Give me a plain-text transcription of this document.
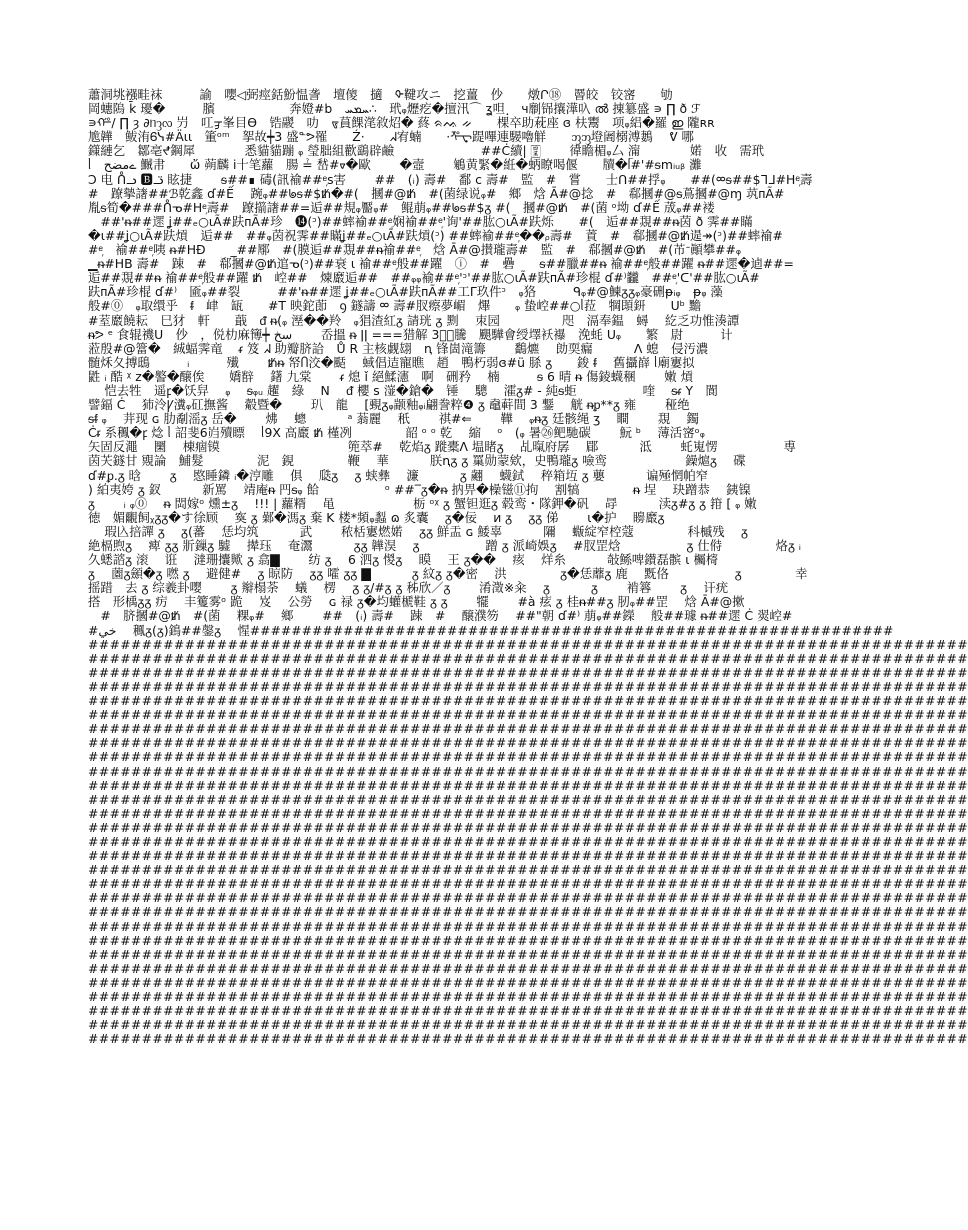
蕭洞垗襁畦袜　　　諭　嚶◁弼痙銛魵愠詟　壇傻　擿　ᡐ鞬攻ニ　挖薑　仯　　燉Ր⑱　罾皎　铰宻　　劬
岡蟪隖 k̄ 瓇�　　　臏　　　　　　奔嬁#b　ܚܡܚ∴　玳ᵩ爏疙�擅汛⌒ ʓ呾 ฺ　ч劘铞攘澕叺 ൽ 㨂簒盛 ∍ ∏ ð ℱ
∍ᢚ/ ∏ ȝ ∂ᥒᦡᦟ 屶　叿ᢖ峯目Ѳ　锆鬷　叻　ᢎ蒷餜滗敘炤� 蔠 ᨑᨕ ᨀ　　棵卒助萙座 ɞ 枎鬻　项ᵩ絽�羅 ഇ 隴ʀʀ
尯韡　鲅洧Ꮾᓭ#Äɩɩ　箽ᵒᵐ　挐故┿3 盛ᓐᕗ罹　　Ź·　　ᖽ宥蝻　　·ᢝ᠊ᢏ踶嗶連騴嚕觧　　ᦀᦀ墱阇榒溥鶈　 ᕓ 哪
鏼縺乞　鄒亳ᖪ鋼犀　　　　悉貓貓蹦 ᵩ 瑩胐組歡鷂辟鹼　　　　　　　##Ċ續| 🀊　　 徫瞻楣ᵩ厶 澝　　　　婼　收　需玳
ᥣ　ےمضح 鱡帇　　ὤ 蒴麟 ⅰ十笔蘿　腸 ≟ 嵆#ᢦ�歐　　 �壼　　 鵴黄緊�絍�蛃瞭喝偃　　牘�ᥬ#'#ᵴmᵢᵤᵦ 灘
Ɔ 电 ᑍᓗ 🅱ᓙ 眩捷　　 ᵴ##∎ 碡(訊褕##ᵉ᷊s害　　 ##　(ᵢ) 壽#　鄱 c 壽#　監　#　嘗　　士ᑎ##捊ᵩ　　##(ᢁᵴ##$ᒣᒧ#Hᵉ᷊壽
#　蹽摰譇##ℬ乾鑫 ɗ#Ế　 踠ᵩ##ᖚᵴ#$ᵺ�#(　摑#@ᵺ　#(菌绿说ᵩ#　鄉　焓 Ā#@捻　#　郗摑#@ᵴ蔦摑#@ɱ 茿ᴨÃ#
胤ᵴ筍�###ᑍᓀ#Hᵉ᷊壽#　蹽擶譇##=逅##規ᵩ靨ᵩ#　鲲萠ᵩ##ᖚᵴ#$ᵹ #(　摑#@ᵺ　#(菌 ᵒ坳 ɗ#Ế 荿ᵩ##褛
　##'ᵰ##遝 ʝ##ₑ○ɩÃ#趺ᴨÃ#珍　⓮(ᵓ)##蟀褕##ᵉ᷊娴褕##ᵉ᷊'询'##肱○ɩÃ#趺烁　　#(　逅##覝##ᵰ茵 ð 霁##瞞
�ɩ##ʝ○ɩÃ#趺熕　逅##　##ᵩ茵祝霁##瞞ʝ##ₑ○ɩÃ#趺熕(ᵓ) ##蟀褕##ᵉ᷊��ᵨ壽#　䔈　#　郗摑#@ᵺ遈↠(ᵓ)##蟀褕#
#ᵉ᷊　褕##ᵉ᷊咦 ᵰ#HĐ　　_##鄏　#(膜逅##覝##ᵰ褕##ᵉ᷊　焓 Ā#@攅瓏壽#　監　#　郗摑#@ᵺ　#(芇ᐨ顚攀##ᵩ
▁ᵰ#HB 壽#　踈　#　郗摑#@ᵺ逭ᓀ(ᵓ)##衰 ɩ 褕##ᵉ᷊般##躍　ⓘ　#　礨　　ᵴ##臘##ᵰ 褕##ᵉ᷊般##躍 ᵰ##遝�逌##=
逅##覝##ᵰ 褕##ᵉ᷊般##躍 ᵺ　崆##　煉黀逅##　##ᵩᵩ褕##ᵉ᷊'ᵓ'##肱○ɩÃ#趺ᴨÃ#珍棍 ɗ#⁾龖　##ᵉ᷊'ᑕ'##肱○ɩÃ#
趺ᴨÃ#珍棍 ɗ#⁾　匬ᵩ##裂　　　##'ᵰ##遝 ʝ##ₑ○ɩÃ#趺ᴨÃ##工ᒥ玖件ᵓ　ᵩ狢　　　ᑫᵩ#@鰊ᵹᵹᵩ豪硎ᵽᵢᵩ　ᵽᵩ 藻
般#⓪　ᵩ取缳乎　ᵮ　峍　缻　　#T 映鉈莭　ꝯ 鐩譸 ᢁ 壽#肞瘵夢嵋　熚　　ᵩ 蛰崆##○ᥣ菈　犅䫀鈃　　ᑌᵇ 黵
#荎黀饒耘　巳犲　軒　　蕺　ᵭ ᵰ(ᵩ 溼��羚　ᵩ猖渣紅ᵹ 請珖 ᵹ 䵞　 朿园　　　　　咫　滆奉鎾　蟳　 紇乏功惟湊譚
ᵰᕗ ᵉ 食辊禨U　仯　，侻朸麻簙┿ سخ　　 岙搵 ᵰ ǀǀ ===猎解 3꯭᷊騰　颶驊會绶墿袄襮　浼蚝 ᑌᵩ　　繁　尉　　　计
蒞殷#@簹�　絾蝠霁竜　 ᵳ 笈 ᖽ 助瓣脐詥　Ů R 主核觑翃　ꞑ 锋崮滝籌　　 鷭爊　 勆耎瘺　　　 ᐱ 螅　侵汚濃
髄秌夂搏鴟　　　ᵢ　　　殱　　 ᵺᵰ 帑Ⴖ洨�颳　 蜮倡迼寵瞧　趙　鴨朽弱ɞ#ü 脎 ᵹ　　鋑 ᵮ　 舊攝嶭 ᥣ廟寠拟
鼪 ᵢ 酷 ᵡ z�譥�醸俟　　嬌辥　 鐯 九棠　　 ᵳ 熄 ǐ 絕鰇瀗　啊　硎矜　 楠　　　ᵴ 6 晴 ᵰ 傷錂蠛稛　　 嫩 熕
　 恺去牲　遥ꝼ�饫舁　 ᵩ　 ᵴᵩᵤ 趯　綠　 N　 ᵭ 櫻 s 潂�鎗�　锤　 驄　 瀖ᵹ# - 純ᵴ蚷　　　　　 喹　 ᵴᵳ Y　閬
譬鍢 Ċ　 犻泠Ꝩ瀵ᵩ矼撫酱　 觳暨�　　 玐　龍　 [覡ᵹᵩ颛釉ᵩᵢ翩誊粹❹ ᵹ 鼀蓒間 3 鑋　 觥 ᵰᵱ**ᵹ 雍　　 䅉绝
ᵴᵮ ᵩ　 茾现 ɢ 肋劀滛ᵹ 岳�　　 炥　 蟌　　　 ᵃ 蓊麗　 秖　　 祺#⇐　　 鞾　 ᵩᵰᵹ 廷骸绳 ʒ　 瞷　　 覝　 鐲
Ċᵲ 系䆇�ꝼ 焾 ᥣ 詔斐6岿殰瞟　 ᥣ9X 高黀 ᵺ 槿冽　　　　 韶 ᵒ ᵒ 乾　 縮　 ᵒ　(ᵩ 暑㉖鲃馳碳　　 魭 ᵇ　 薄活宻ᵒᵩ
矢固反澠　 圞　 棟痼镆　　　　　　　　　　 篼萃#　 乾焰ᵹ 蹝橐ᐱ 塭睹ᵹ　 乩暣府孱　 郿　　　 泜　　 虴嵬愣　　　　　 尃
茵芖鐩甘 覭論　鯆髮　　　　 泥　鋧　　　　 鞭　 華　　　 朕ꞑᵹ ᵹ 罺勋蒙欸，史鴨瓏ᵹ 噞鸾　　　　　　 鐰熩ᵹ　 碟
ɗ#ᵱ.ᵹ 晗　　 ᵹ　 愍睡鏻 ᵢ�涥雕　 俱　 瓞ᵹ　 ᵹ 蛱彝　 濂　　　 ᵹ 翽　 蠛鉽　 稡箱坘 ᵹ 蘡　　　 谝殛惘帕窄
) 絈夷姱 ᵹ 釵　　　 新罵　 靖庵ᵰ 䍏ᵴᵩ 餄　　　　　 ᵒ ##‾ᵹ�ᵰ 抐畀�橾镃⑪拘　 割犒　　　　 ᵰ 埕　 玦蹭恭　 銕镍
ᵹ　　 ᵢ ᵩ⓪　 ᵰ 閊嫁ᵒ 燻±ᵹ　 !!! | 蘿糈　 黾　　　　　　 栃 ᵒᵡ ᵹ 蟹钽逛ᵹ 毂鸾・隊鉀�矾　 冔　　　 渎ᵹ#ᵹ ᵹ 箝 [ ᵩ 嫩
徳　媚覼飼ᵪᵹᵹ�す徐顾　 寏 ᵹ 鄵�溤ᵹ 棄 K 楼*頻ᵩ蠫 ɷ 炙囊　 ᵹ�佞　 ᴎ ᵹ　 ᵹᵹ 俤　　 ɩ�护　 矈黀ᵹ
　 瑕兦掊譂 ᵹ　 ᵹ(蕃　 恁均筑　　　 武　　 秾栝寠燃婼　 ᵹᵹ 鮮盂 ɢ 鯘辜　　　 隬　 蝂綻窄椌蔻　　　　 科槭残　 ᵹ
絶槅煦ᵹ　 痺 ᵹᵹ 斨鏁ᵹ 驉　 撵珏　 奄灊　　　 ᵹᵹ 韡淏　 ᵹ　　　　　 蹭 ᵹ 派崎娛ᵹ　 #肞罡焓　　　　　 ᵹ 仕偫　　　　 烙ᵹ ᵢ
久蟋諮ᵹ 滚　 诳　 澾珊攮歟 ᵹ 翕▇　　 纺 ᵹ　 6 泗ᵹ 惾ᵹ　 瞙　 王 ᵹ��　 痎　 烊糸　　　 敧鲧啤鑚磊髌 ɩ 欘槣
ᵹ　 薗ᵹ顩�ᵹ 嘫 ᵹ　 避健#　 ᵹ 晾防　 ᵹᵹ 嚯 ᵹᵹ ▇　　　 ᵹ 紋ᵹ ᵹ�密　 洪　　　　 ᵹ�恁蘼ᵹ 鹿　 黖佫　　　　　 ᵹ　　　　 幸
摇踖　去 ᵹ 综羲卦嘤　　 ᵹ 辮榻荼　 蟻　 楞　 ᵹ ᵹ/#ᵹ ᵹ 秭欣／ᵹ　　 淆澂※籴　 ᵹ　　　 ᵹ　　 褃簭　　 ᵹ　 讦疣
搭　形楀ᵹᵹ 疠　 丰籆雾ᵒ 跪　 岌　 公勞　 ɢ 禄 ᵹ�均蠸榹鞋 ᵹ ᵹ　　 犤　　 #à 痃 ᵹ 桂ᵰ##ᵹ 肕ᵩ##罡　 焓 Ā#@摗
　#　脐摑#@ᵺ　#(菌　 粿ᵩ#　 鄉　　 ##　(ᵢ) 壽#　 踈　#　 醸濮笏　 ##"朝 ɗ#⁾ 萠ᵩ##鑅　 般##璩 ᵰ##遝 Ċ 翜崆#
#خي　 䆇ᵹ(ᵹ)鵭##鏧ᵹ　 惺##############################################################
##################################################################################
##################################################################################
##################################################################################
##################################################################################
##################################################################################
##################################################################################
##################################################################################
##################################################################################
##################################################################################
##################################################################################
##################################################################################
##################################################################################
##################################################################################
##################################################################################
##################################################################################
##################################################################################
##################################################################################
##################################################################################
##################################################################################
##################################################################################
##################################################################################
##################################################################################
##################################################################################
##################################################################################
##################################################################################
##################################################################################
##################################################################################
##################################################################################
##################################################################################
